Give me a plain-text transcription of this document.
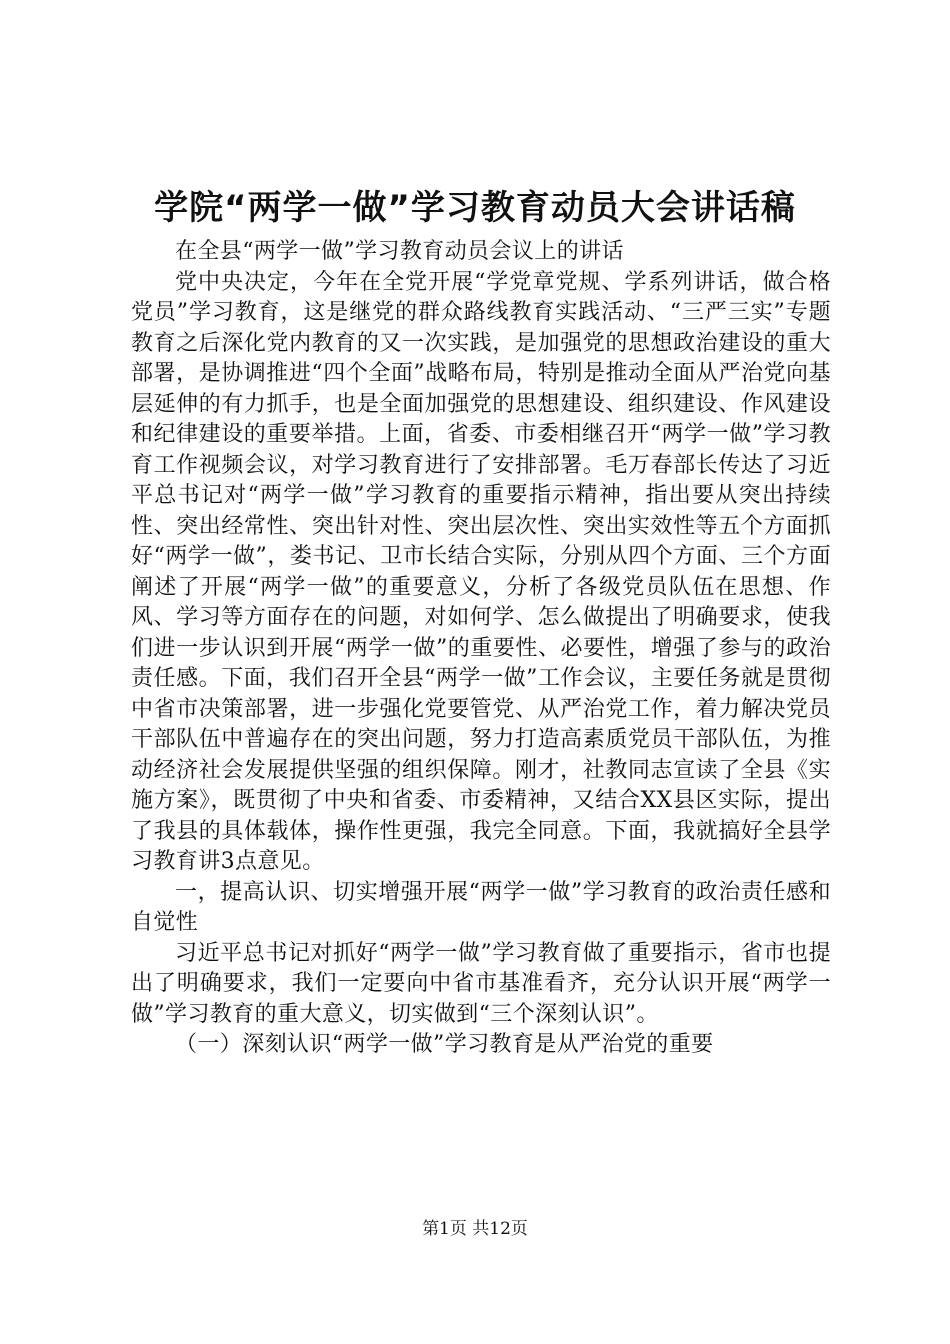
学院“两学一做”学习教育动员大会讲话稿

在全县“两学一做”学习教育动员会议上的讲话

党中央决定，今年在全党开展“学党章党规、学系列讲话，做合格党员”学习教育，这是继党的群众路线教育实践活动、“三严三实”专题教育之后深化党内教育的又一次实践，是加强党的思想政治建设的重大部署，是协调推进“四个全面”战略布局，特别是推动全面从严治党向基层延伸的有力抓手，也是全面加强党的思想建设、组织建设、作风建设和纪律建设的重要举措。上面，省委、市委相继召开“两学一做”学习教育工作视频会议，对学习教育进行了安排部署。毛万春部长传达了习近平总书记对“两学一做”学习教育的重要指示精神，指出要从突出持续性、突出经常性、突出针对性、突出层次性、突出实效性等五个方面抓好“两学一做”，娄书记、卫市长结合实际，分别从四个方面、三个方面阐述了开展“两学一做”的重要意义，分析了各级党员队伍在思想、作风、学习等方面存在的问题，对如何学、怎么做提出了明确要求，使我们进一步认识到开展“两学一做”的重要性、必要性，增强了参与的政治责任感。下面，我们召开全县“两学一做”工作会议，主要任务就是贯彻中省市决策部署，进一步强化党要管党、从严治党工作，着力解决党员干部队伍中普遍存在的突出问题，努力打造高素质党员干部队伍，为推动经济社会发展提供坚强的组织保障。刚才，社教同志宣读了全县《实施方案》，既贯彻了中央和省委、市委精神，又结合XX县区实际，提出了我县的具体载体，操作性更强，我完全同意。下面，我就搞好全县学习教育讲3点意见。

一，提高认识、切实增强开展“两学一做”学习教育的政治责任感和自觉性

习近平总书记对抓好“两学一做”学习教育做了重要指示，省市也提出了明确要求，我们一定要向中省市基准看齐，充分认识开展“两学一做”学习教育的重大意义，切实做到“三个深刻认识”。

（一）深刻认识“两学一做”学习教育是从严治党的重要

第1页 共12页
